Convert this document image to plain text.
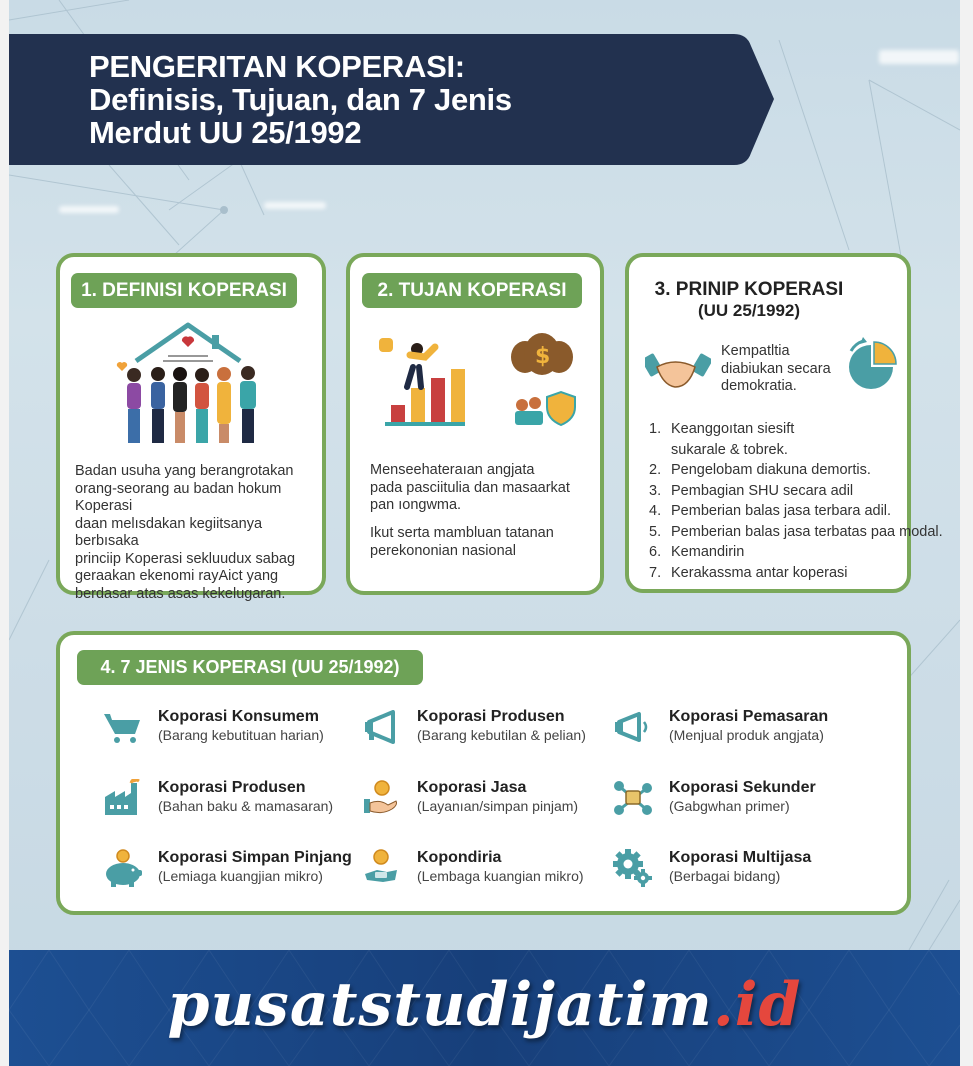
PENGERITAN KOPERASI:
Definisis, Tujuan, dan 7 Jenis
Merdut UU 25/1992
1. DEFINISI KOPERASI
Badan usuha yang berangrotakan
orang-seorang au badan hokum Koperasi
daan melısdakan kegiitsanya berbısaka
princiip Koperasi sekluudux sabag
geraakan ekenomi rayAict yang
berdasar atas asas kekelugaran.
2. TUJAN KOPERASI
$
Menseehateraıan angjata
pada pasciitulia dan masaarkat
pan ıongwma.
Ikut serta mambluan tatanan
perekononian nasional
3. PRINIP KOPERASI
(UU 25/1992)
Kempatltia
diabiukan secara
demokratia.
1. Keanggoıtan siesift
sukarale & tobrek.
2. Pengelobam diakuna demortis.
3. Pembagian SHU secara adil
4. Pemberian balas jasa terbara adil.
5. Pemberian balas jasa terbatas paa modal.
6. Kemandirin
7. Kerakassma antar koperasi
4. 7 JENIS KOPERASI (UU 25/1992)
Koporasi Konsumem
(Barang kebutituan harian)
Koporasi Produsen
(Barang kebutilan & pelian)
Koporasi Pemasaran
(Menjual produk angjata)
Koporasi Produsen
(Bahan baku & mamasaran)
Koporasi Jasa
(Layanıan/simpan pinjam)
Koporasi Sekunder
(Gabgwhan primer)
Koporasi Simpan Pinjang
(Lemiaga kuangjian mikro)
Kopondiria
(Lembaga kuangian mikro)
Koporasi Multijasa
(Berbagai bidang)
pusatstudijatim.id
